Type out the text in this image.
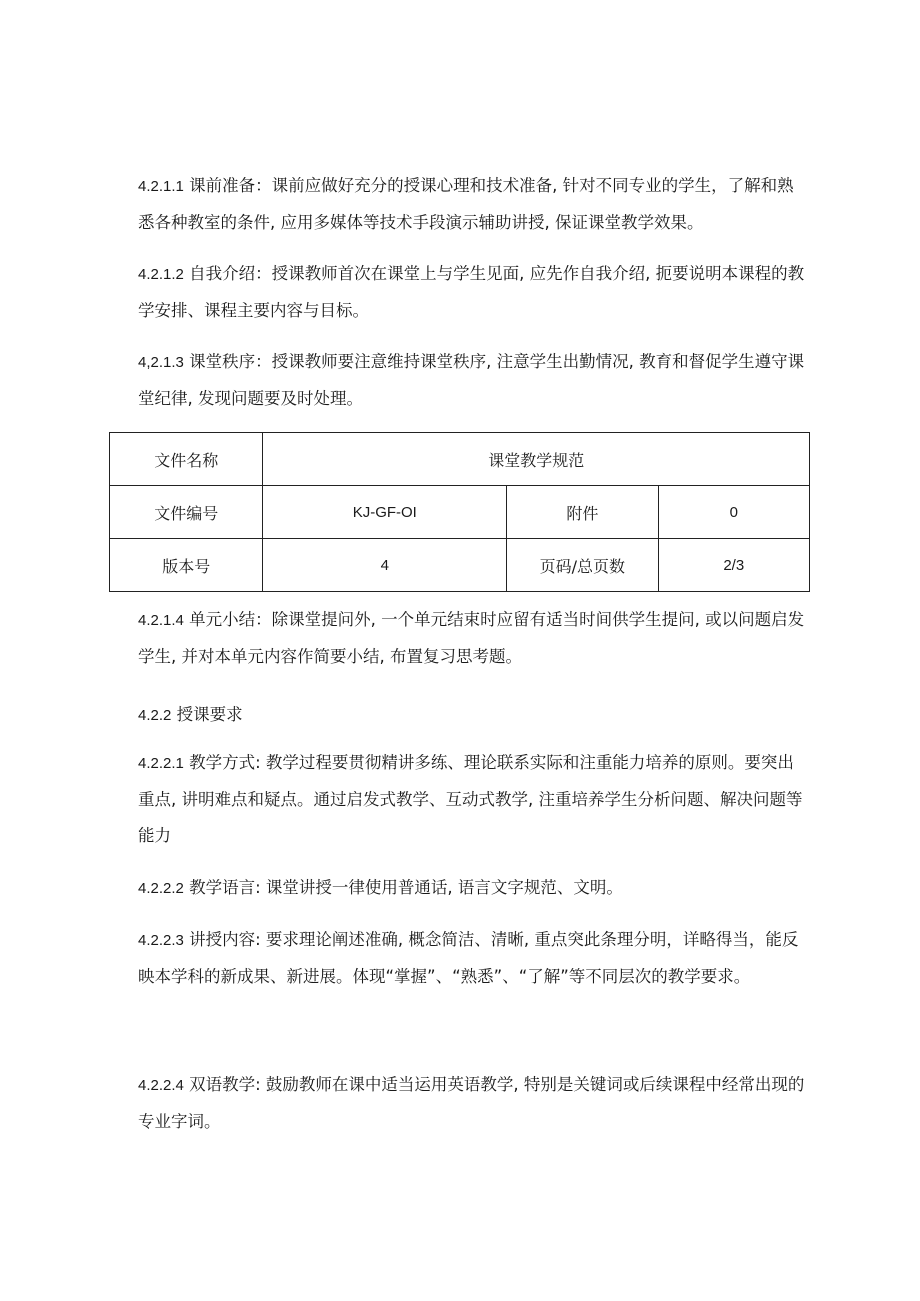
4.2.1.1 课前准备：课前应做好充分的授课心理和技术准备, 针对不同专业的学生，了解和熟悉各种教室的条件, 应用多媒体等技术手段演示辅助讲授, 保证课堂教学效果。

4.2.1.2 自我介绍：授课教师首次在课堂上与学生见面, 应先作自我介绍, 扼要说明本课程的教学安排、课程主要内容与目标。

4,2.1.3 课堂秩序：授课教师要注意维持课堂秩序, 注意学生出勤情况, 教育和督促学生遵守课堂纪律, 发现问题要及时处理。

文件名称	课堂教学规范		
文件编号	KJ-GF-OI	附件	0
版本号	4	页码/总页数	2/3

4.2.1.4 单元小结：除课堂提问外, 一个单元结束时应留有适当时间供学生提问, 或以问题启发学生, 并对本单元内容作简要小结, 布置复习思考题。

4.2.2 授课要求

4.2.2.1 教学方式: 教学过程要贯彻精讲多练、理论联系实际和注重能力培养的原则。要突出重点, 讲明难点和疑点。通过启发式教学、互动式教学, 注重培养学生分析问题、解决问题等能力

4.2.2.2 教学语言: 课堂讲授一律使用普通话, 语言文字规范、文明。

4.2.2.3 讲授内容: 要求理论阐述准确, 概念简洁、清晰, 重点突此条理分明，详略得当，能反映本学科的新成果、新进展。体现“掌握”、“熟悉”、“了解”等不同层次的教学要求。

4.2.2.4 双语教学: 鼓励教师在课中适当运用英语教学, 特别是关键词或后续课程中经常出现的专业字词。
